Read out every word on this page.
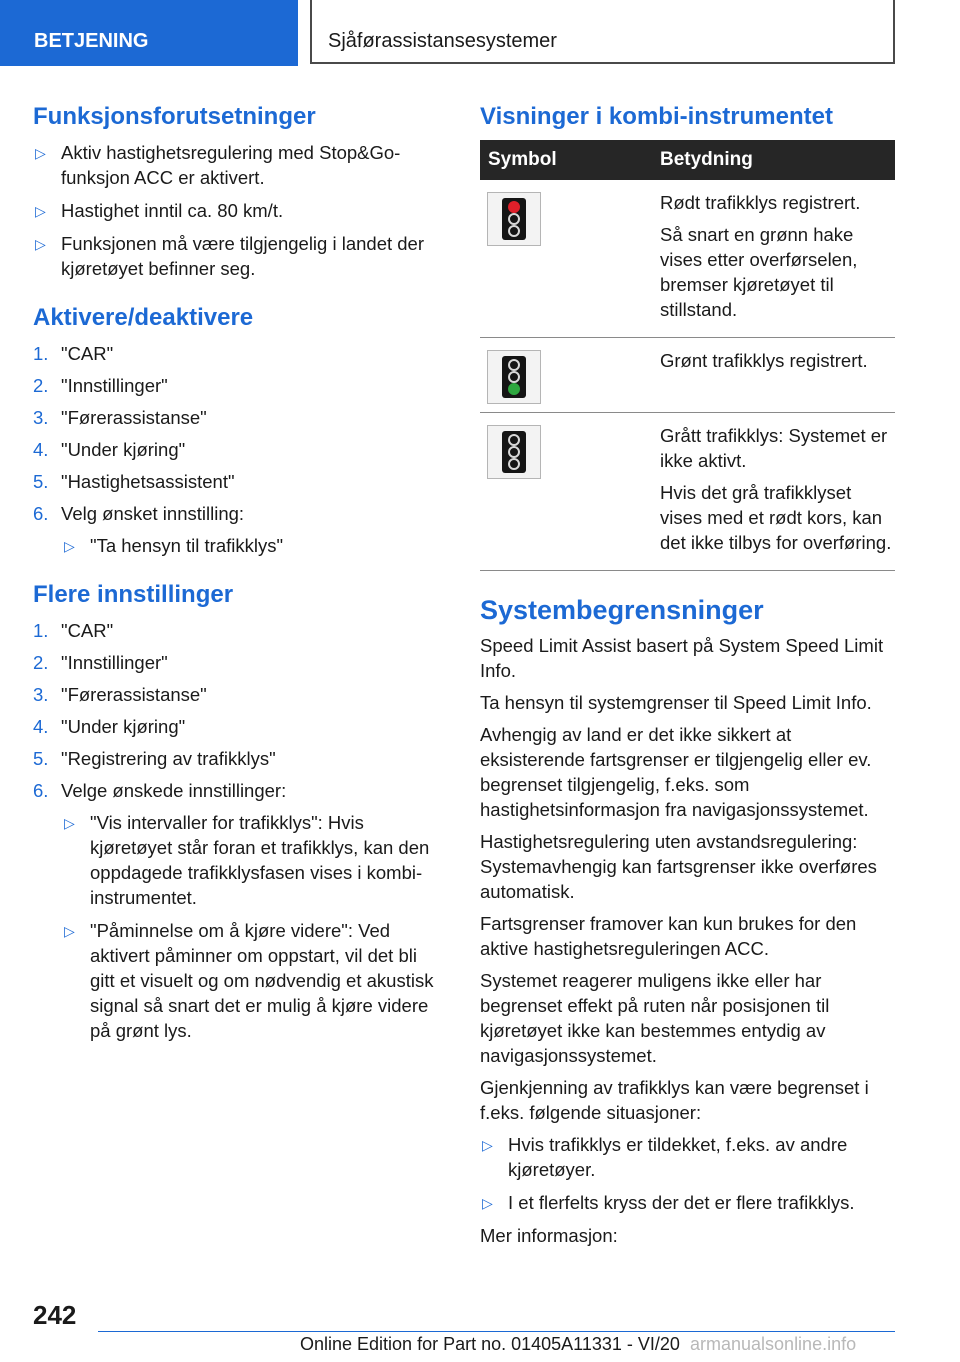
BETJENING	Sjåførassistansesystemer
Funksjonsforutsetninger
▷ Aktiv hastighetsregulering med Stop&Go-funksjon ACC er aktivert.
▷ Hastighet inntil ca. 80 km/t.
▷ Funksjonen må være tilgjengelig i landet der kjøretøyet befinner seg.
Aktivere/deaktivere
1. "CAR"
2. "Innstillinger"
3. "Førerassistanse"
4. "Under kjøring"
5. "Hastighetsassistent"
6. Velg ønsket innstilling:
▷ "Ta hensyn til trafikklys"
Flere innstillinger
1. "CAR"
2. "Innstillinger"
3. "Førerassistanse"
4. "Under kjøring"
5. "Registrering av trafikklys"
6. Velge ønskede innstillinger:
▷ "Vis intervaller for trafikklys": Hvis kjøretøyet står foran et trafikklys, kan den oppdagede trafikklysfasen vises i kombi-instrumentet.
▷ "Påminnelse om å kjøre videre": Ved aktivert påminner om oppstart, vil det bli gitt et visuelt og om nødvendig et akustisk signal så snart det er mulig å kjøre videre på grønt lys.
Visninger i kombi-instrumentet
Symbol	Betydning

	Rødt trafikklys registrert.

Så snart en grønn hake vises etter overførselen, bremser kjøretøyet til stillstand.

	Grønt trafikklys registrert.

	Grått trafikklys: Systemet er ikke aktivt.

Hvis det grå trafikklyset vises med et rødt kors, kan det ikke tilbys for overføring.

Systembegrensninger

Speed Limit Assist basert på System Speed Limit Info.

Ta hensyn til systemgrenser til Speed Limit Info.

Avhengig av land er det ikke sikkert at eksisterende fartsgrenser er tilgjengelig eller ev. begrenset tilgjengelig, f.eks. som hastighetsinformasjon fra navigasjonssystemet.

Hastighetsregulering uten avstandsregulering: Systemavhengig kan fartsgrenser ikke overføres automatisk.

Fartsgrenser framover kan kun brukes for den aktive hastighetsreguleringen ACC.

Systemet reagerer muligens ikke eller har begrenset effekt på ruten når posisjonen til kjøretøyet ikke kan bestemmes entydig av navigasjonssystemet.

Gjenkjenning av trafikklys kan være begrenset i f.eks. følgende situasjoner:

▷ Hvis trafikklys er tildekket, f.eks. av andre kjøretøyer.
▷ I et flerfelts kryss der det er flere trafikklys.

Mer informasjon:

242
Online Edition for Part no. 01405A11331 - VI/20 armanualsonline.info
